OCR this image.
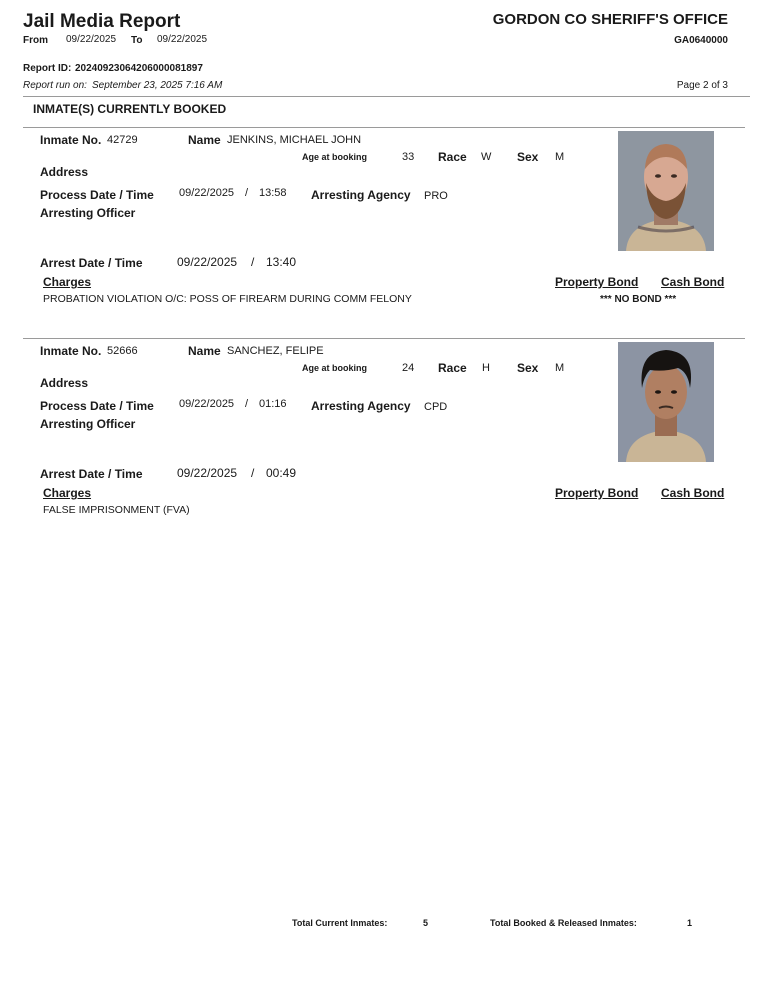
Jail Media Report	GORDON CO SHERIFF'S OFFICE
From 09/22/2025 To 09/22/2025	GA0640000
Report ID: 20240923064206000081897
Report run on: September 23, 2025 7:16 AM	Page 2 of 3
INMATE(S) CURRENTLY BOOKED
Inmate No. 42729	Name JENKINS, MICHAEL JOHN
Age at booking	33 Race W Sex M
Address
Process Date / Time 09/22/2025 / 13:58 Arresting Agency PRO
Arresting Officer
Arrest Date / Time	09/22/2025 / 13:40
Charges	Property Bond Cash Bond
PROBATION VIOLATION O/C: POSS OF FIREARM DURING COMM FELONY	*** NO BOND ***
Inmate No. 52666	Name SANCHEZ, FELIPE
Age at booking	24 Race H Sex M
Address
Process Date / Time 09/22/2025 / 01:16 Arresting Agency CPD
Arresting Officer
Arrest Date / Time	09/22/2025 / 00:49
Charges	Property Bond Cash Bond
FALSE IMPRISONMENT (FVA)
Total Current Inmates:	5	Total Booked & Released Inmates:	1
